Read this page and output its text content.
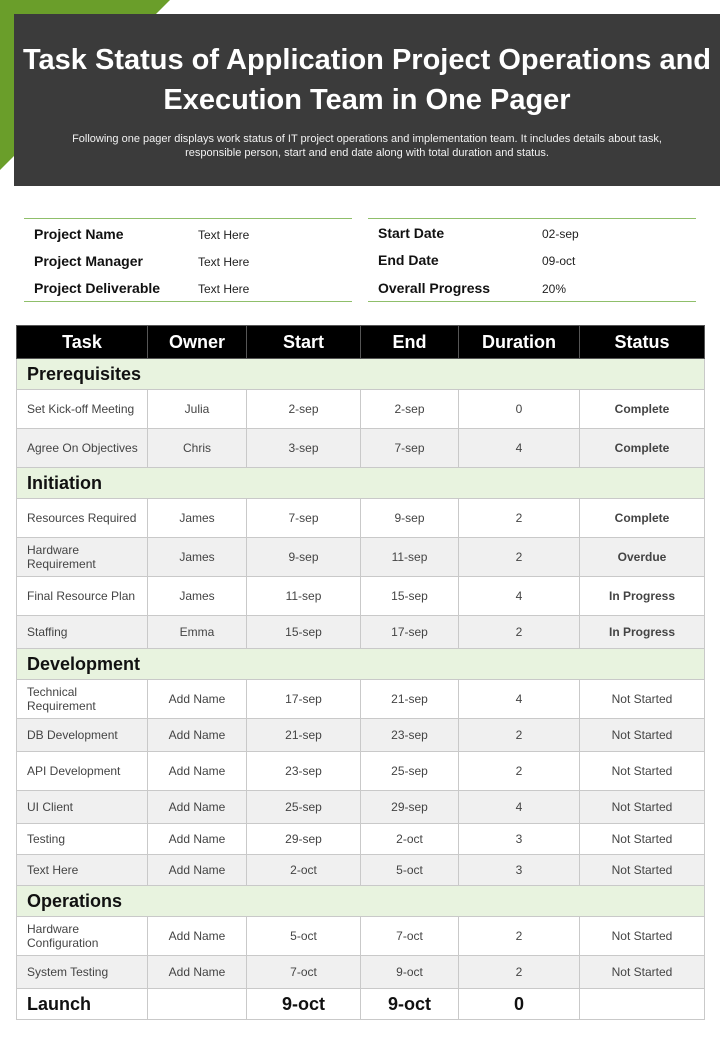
Task Status of Application Project Operations and Execution Team in One Pager
Following one pager displays work status of IT project operations and implementation team. It includes details about task, responsible person, start and end date along with total duration and status.
Project Name	Text Here
Project Manager	Text Here
Project Deliverable	Text Here
Start Date	02-sep
End Date	09-oct
Overall Progress	20%
Task	Owner	Start	End	Duration	Status
Prerequisites					
Set Kick-off Meeting	Julia	2-sep	2-sep	0	Complete
Agree On Objectives	Chris	3-sep	7-sep	4	Complete
Initiation					
Resources Required	James	7-sep	9-sep	2	Complete
Hardware Requirement	James	9-sep	11-sep	2	Overdue
Final Resource Plan	James	11-sep	15-sep	4	In Progress
Staffing	Emma	15-sep	17-sep	2	In Progress
Development					
Technical Requirement	Add Name	17-sep	21-sep	4	Not Started
DB Development	Add Name	21-sep	23-sep	2	Not Started
API Development	Add Name	23-sep	25-sep	2	Not Started
UI Client	Add Name	25-sep	29-sep	4	Not Started
Testing	Add Name	29-sep	2-oct	3	Not Started
Text Here	Add Name	2-oct	5-oct	3	Not Started
Operations					
Hardware Configuration	Add Name	5-oct	7-oct	2	Not Started
System Testing	Add Name	7-oct	9-oct	2	Not Started
Launch		9-oct	9-oct	0	
